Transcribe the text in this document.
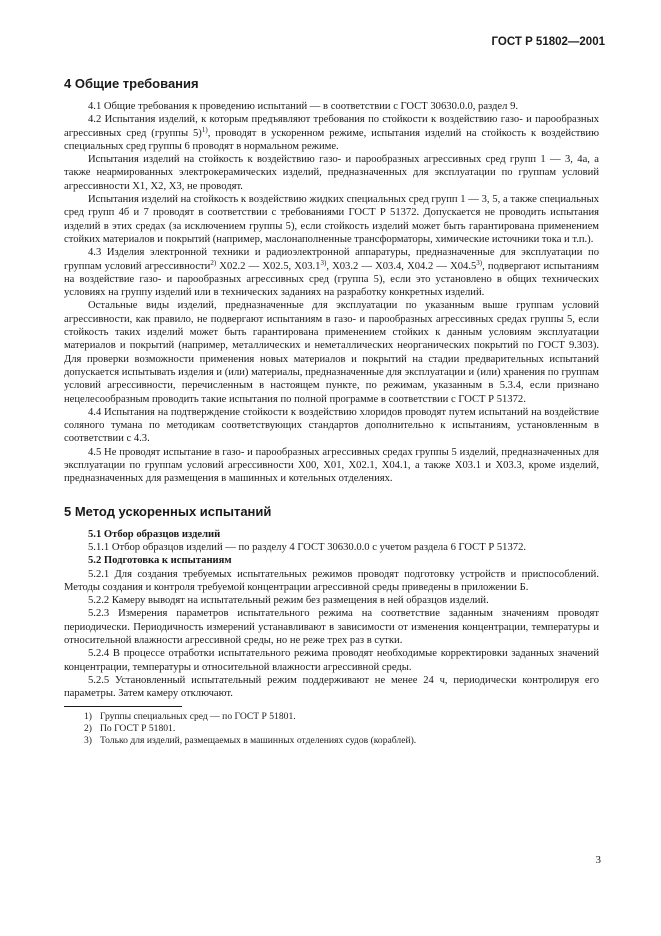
ГОСТ Р 51802—2001
4 Общие требования

4.1 Общие требования к проведению испытаний — в соответствии с ГОСТ 30630.0.0, раздел 9.

4.2 Испытания изделий, к которым предъявляют требования по стойкости к воздействию газо- и парообразных агрессивных сред (группы 5)$^{1)}$, проводят в ускоренном режиме, испытания изделий на стойкость к воздействию специальных сред группы 6 проводят в нормальном режиме.

Испытания изделий на стойкость к воздействию газо- и парообразных агрессивных сред групп 1 — 3, 4а, а также неармированных электрокерамических изделий, предназначенных для эксплуатации по группам условий агрессивности X1, X2, X3, не проводят.

Испытания изделий на стойкость к воздействию жидких специальных сред групп 1 — 3, 5, а также специальных сред групп 4б и 7 проводят в соответствии с требованиями ГОСТ Р 51372. Допускается не проводить испытания изделий в этих средах (за исключением группы 5), если стойкость изделий может быть гарантирована применением стойких материалов и покрытий (например, маслонаполненные трансформаторы, химические источники тока и т.п.).

4.3 Изделия электронной техники и радиоэлектронной аппаратуры, предназначенные для эксплуатации по группам условий агрессивности$^{2)}$ X02.2 — X02.5, X03.1$^{3)}$, X03.2 — X03.4, X04.2 — X04.5$^{3)}$, подвергают испытаниям на воздействие газо- и парообразных агрессивных сред (группа 5), если это установлено в общих технических условиях на группу изделий или в технических заданиях на разработку конкретных изделий.

Остальные виды изделий, предназначенные для эксплуатации по указанным выше группам условий агрессивности, как правило, не подвергают испытаниям в газо- и парообразных агрессивных средах группы 5, если стойкость таких изделий может быть гарантирована применением стойких к данным условиям эксплуатации материалов и покрытий (например, металлических и неметаллических неорганических покрытий по ГОСТ 9.303). Для проверки возможности применения новых материалов и покрытий на стадии предварительных испытаний допускается испытывать изделия и (или) материалы, предназначенные для эксплуатации и (или) хранения по группам условий агрессивности, перечисленным в настоящем пункте, по режимам, указанным в 5.3.4, если признано нецелесообразным проводить такие испытания по полной программе в соответствии с ГОСТ Р 51372.

4.4 Испытания на подтверждение стойкости к воздействию хлоридов проводят путем испытаний на воздействие соляного тумана по методикам соответствующих стандартов дополнительно к испытаниям, установленным в соответствии с 4.3.

4.5 Не проводят испытание в газо- и парообразных агрессивных средах группы 5 изделий, предназначенных для эксплуатации по группам условий агрессивности X00, X01, X02.1, X04.1, а также X03.1 и X03.3, кроме изделий, предназначенных для размещения в машинных и котельных отделениях.

5 Метод ускоренных испытаний

5.1 Отбор образцов изделий

5.1.1 Отбор образцов изделий — по разделу 4 ГОСТ 30630.0.0 с учетом раздела 6 ГОСТ Р 51372.

5.2 Подготовка к испытаниям

5.2.1 Для создания требуемых испытательных режимов проводят подготовку устройств и приспособлений. Методы создания и контроля требуемой концентрации агрессивной среды приведены в приложении Б.

5.2.2 Камеру выводят на испытательный режим без размещения в ней образцов изделий.

5.2.3 Измерения параметров испытательного режима на соответствие заданным значениям проводят периодически. Периодичность измерений устанавливают в зависимости от изменения концентрации, температуры и относительной влажности агрессивной среды, но не реже трех раз в сутки.

5.2.4 В процессе отработки испытательного режима проводят необходимые корректировки заданных значений концентрации, температуры и относительной влажности агрессивной среды.

5.2.5 Установленный испытательный режим поддерживают не менее 24 ч, периодически контролируя его параметры. Затем камеру отключают.

1) Группы специальных сред — по ГОСТ Р 51801.

2) По ГОСТ Р 51801.

3) Только для изделий, размещаемых в машинных отделениях судов (кораблей).

3
